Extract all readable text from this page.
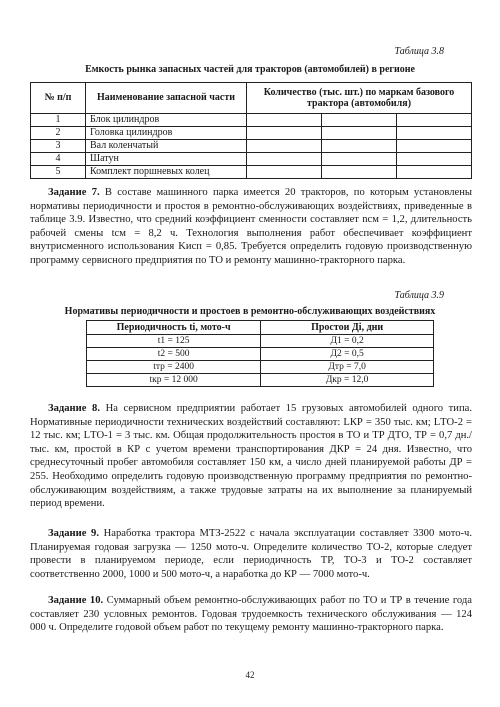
Таблица 3.8
Емкость рынка запасных частей для тракторов (автомобилей) в регионе
№ п/п	Наименование запасной части	Количество (тыс. шт.) по маркам базового трактора (автомобиля)		
1	Блок цилиндров			
2	Головка цилиндров			
3	Вал коленчатый			
4	Шатун			
5	Комплект поршневых колец			

Задание 7. В составе машинного парка имеется 20 тракторов, по которым установлены нормативы периодичности и простоя в ремонтно-обслуживающих воздействиях, приведенные в таблице 3.9. Известно, что средний коэффициент сменности составляет nсм = 1,2, длительность рабочей смены tсм = 8,2 ч. Технология выполнения работ обеспечивает коэффициент внутрисменного использования Kисп = 0,85. Требуется определить годовую производственную программу сервисного предприятия по ТО и ремонту машинно-тракторного парка.

Таблица 3.9
Нормативы периодичности и простоев в ремонтно-обслуживающих воздействиях
Периодичность ti, мото-ч	Простои Дi, дни
t1 = 125	Д1 = 0,2
t2 = 500	Д2 = 0,5
tтр = 2400	Дтр = 7,0
tкр = 12 000	Дкр = 12,0

Задание 8. На сервисном предприятии работает 15 грузовых автомобилей одного типа. Нормативные периодичности технических воздействий составляют: LКР = 350 тыс. км; LТО-2 = 12 тыс. км; LТО-1 = 3 тыс. км. Общая продолжительность простоя в ТО и ТР ДТО, ТР = 0,7 дн./тыс. км, простой в КР с учетом времени транспортирования ДКР = 24 дня. Известно, что среднесуточный пробег автомобиля составляет 150 км, а число дней планируемой работы ДР = 255. Необходимо определить годовую производственную программу предприятия по ремонтно-обслуживающим воздействиям, а также трудовые затраты на их выполнение за планируемый период времени.

Задание 9. Наработка трактора МТЗ-2522 с начала эксплуатации составляет 3300 мото-ч. Планируемая годовая загрузка — 1250 мото-ч. Определите количество ТО-2, которые следует провести в планируемом периоде, если периодичность ТР, ТО-3 и ТО-2 составляет соответственно 2000, 1000 и 500 мото-ч, а наработка до КР — 7000 мото-ч.

Задание 10. Суммарный объем ремонтно-обслуживающих работ по ТО и ТР в течение года составляет 230 условных ремонтов. Годовая трудоемкость технического обслуживания — 124 000 ч. Определите годовой объем работ по текущему ремонту машинно-тракторного парка.

42
